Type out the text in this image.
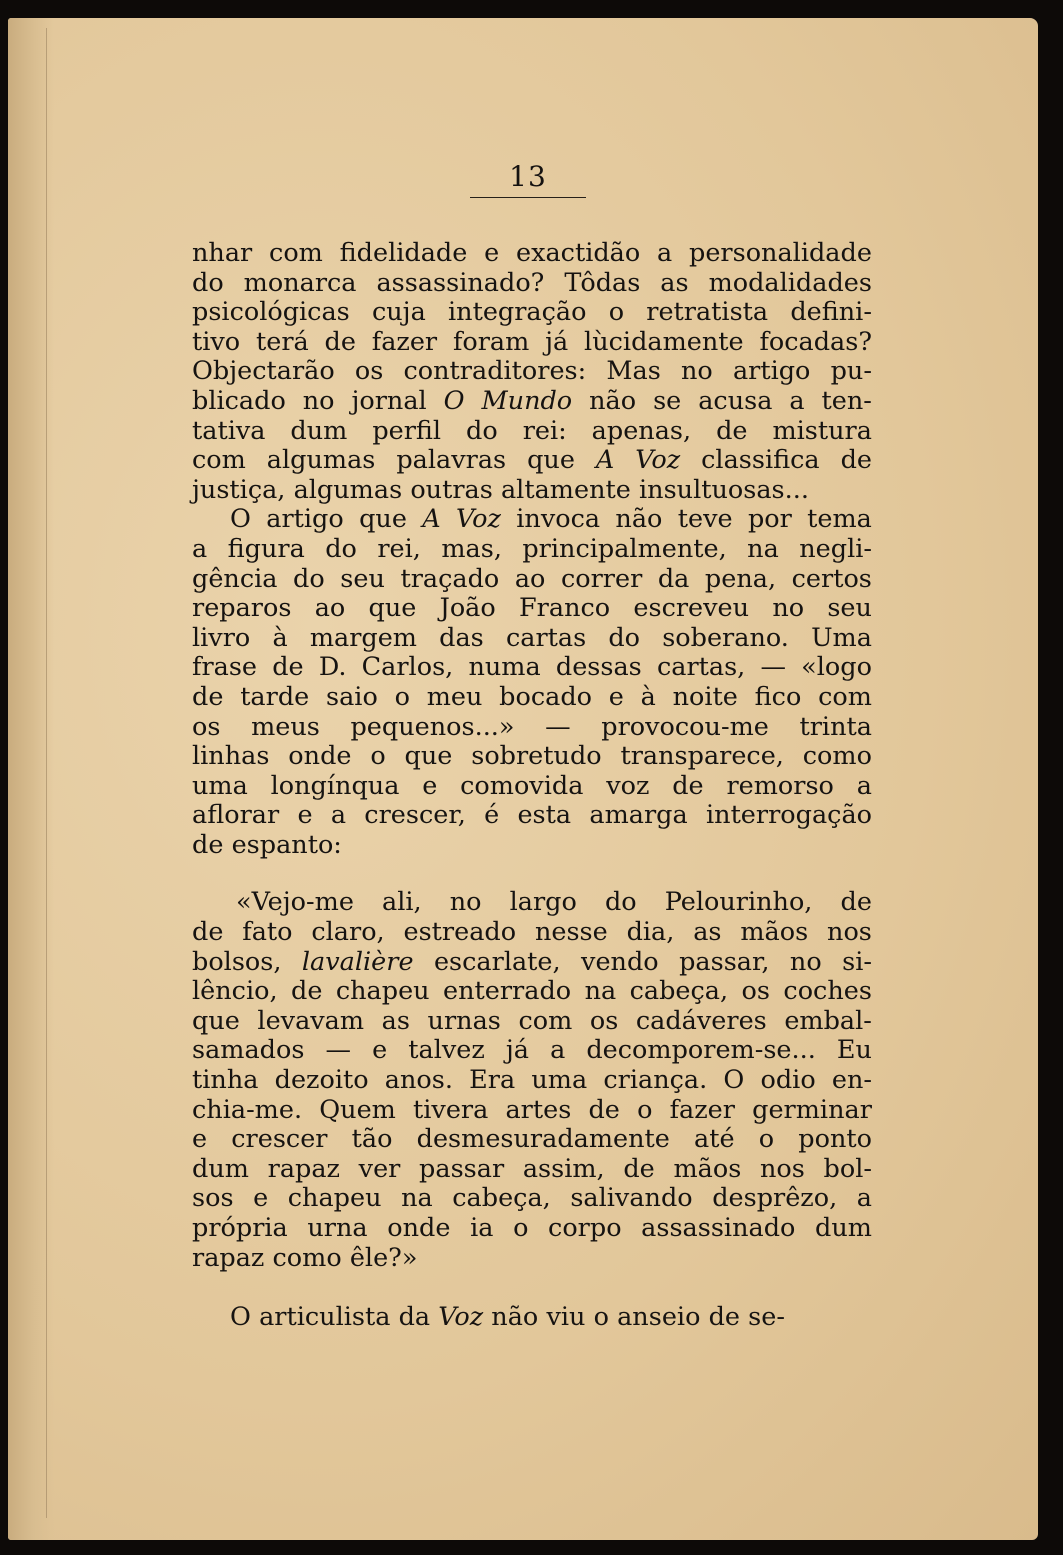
13
nhar com fidelidade e exactidão a personalidade
do monarca assassinado? Tôdas as modalidades
psicológicas cuja integração o retratista defini-
tivo terá de fazer foram já lùcidamente focadas?
Objectarão os contraditores: Mas no artigo pu-
blicado no jornal O Mundo não se acusa a ten-
tativa dum perfil do rei: apenas, de mistura
com algumas palavras que A Voz classifica de
justiça, algumas outras altamente insultuosas...
O artigo que A Voz invoca não teve por tema
a figura do rei, mas, principalmente, na negli-
gência do seu traçado ao correr da pena, certos
reparos ao que João Franco escreveu no seu
livro à margem das cartas do soberano. Uma
frase de D. Carlos, numa dessas cartas, — «logo
de tarde saio o meu bocado e à noite fico com
os meus pequenos...» — provocou-me trinta
linhas onde o que sobretudo transparece, como
uma longínqua e comovida voz de remorso a
aflorar e a crescer, é esta amarga interrogação
de espanto:
«Vejo-me ali, no largo do Pelourinho, de
de fato claro, estreado nesse dia, as mãos nos
bolsos, lavalière escarlate, vendo passar, no si-
lêncio, de chapeu enterrado na cabeça, os coches
que levavam as urnas com os cadáveres embal-
samados — e talvez já a decomporem-se... Eu
tinha dezoito anos. Era uma criança. O odio en-
chia-me. Quem tivera artes de o fazer germinar
e crescer tão desmesuradamente até o ponto
dum rapaz ver passar assim, de mãos nos bol-
sos e chapeu na cabeça, salivando desprêzo, a
própria urna onde ia o corpo assassinado dum
rapaz como êle?»
O articulista da Voz não viu o anseio de se-
